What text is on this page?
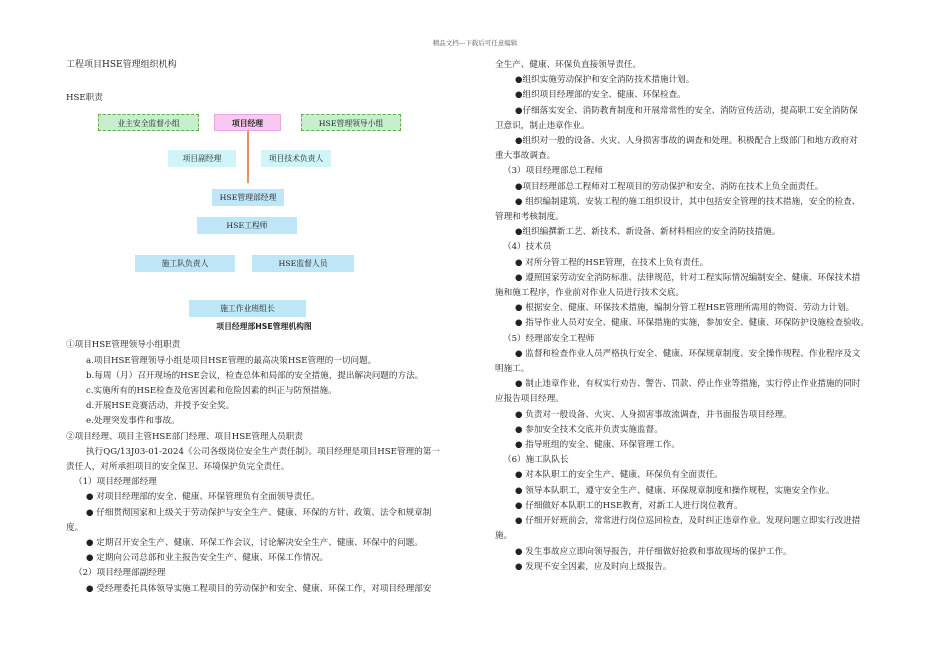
精品文档---下载后可任意编辑
工程项目HSE管理组织机构
HSE职责
业主安全监督小组	项目经理	HSE管理领导小组
项目副经理	项目技术负责人
HSE管理部经理
HSE工程师
施工队负责人	HSE监督人员
施工作业班组长
项目经理部HSE管理机构图
①项目HSE管理领导小组职责
a.项目HSE管理领导小组是项目HSE管理的最高决策HSE管理的一切问题。
b.每周（月）召开现场的HSE会议，检查总体和局部的安全措施，提出解决问题的方法。
c.实施所有的HSE检查及危害因素和危险因素的纠正与防预措施。
d.开展HSE竞赛活动，并授予安全奖。
e.处理突发事件和事故。
②项目经理、项目主管HSE部门经理、项目HSE管理人员职责
执行QG/13J03-01-2024《公司各级岗位安全生产责任制》。项目经理是项目HSE管理的第一
责任人，对所承担项目的安全保卫、环境保护负完全责任。
（1）项目经理部经理
● 对项目经理部的安全、健康、环保管理负有全面领导责任。
● 仔细贯彻国家和上级关于劳动保护与安全生产、健康、环保的方针、政策、法令和规章制
度。
● 定期召开安全生产、健康、环保工作会议，讨论解决安全生产、健康、环保中的问题。
● 定期向公司总部和业主报告安全生产、健康、环保工作情况。
（2）项目经理部副经理
● 受经理委托具体领导实施工程项目的劳动保护和安全、健康、环保工作，对项目经理部安
全生产、健康、环保负直接领导责任。
●组织实施劳动保护和安全消防技术措施计划。
●组织项目经理部的安全、健康、环保检查。
●仔细落实安全、消防教育制度和开展常常性的安全、消防宣传活动，提高职工安全消防保
卫意识，制止违章作业。
●组织对一般的设备、火灾、人身损害事故的调查和处理。积极配合上级部门和地方政府对
重大事故调查。
（3）项目经理部总工程师
●项目经理部总工程师对工程项目的劳动保护和安全、消防在技术上负全面责任。
● 组织编制建筑、安装工程的施工组织设计，其中包括安全管理的技术措施，安全的检查、
管理和考核制度。
●组织编撰新工艺、新技术、新设备、新材料相应的安全消防技措施。
（4）技术员
● 对所分管工程的HSE管理，在技术上负有责任。
● 遵照国家劳动安全消防标准、法律规范，针对工程实际情况编制安全、健康、环保技术措
施和施工程序，作业前对作业人员进行技术交底。
● 根据安全、健康、环保技术措施，编制分管工程HSE管理所需用的物资、劳动力计划。
● 指导作业人员对安全、健康、环保措施的实施，参加安全、健康、环保防护设施检查验收。
（5）经理部安全工程师
● 监督和检查作业人员严格执行安全、健康、环保规章制度、安全操作规程、作业程序及文
明施工。
● 制止违章作业，有权实行劝告、警告、罚款、停止作业等措施，实行停止作业措施的同时
应报告项目经理。
● 负责对一般设备、火灾、人身损害事故流调查，并书面报告项目经理。
● 参加安全技术交底并负责实施监督。
● 指导班组的安全、健康、环保管理工作。
（6）施工队队长
● 对本队职工的安全生产、健康、环保负有全面责任。
● 领导本队职工，遵守安全生产、健康、环保规章制度和操作规程，实施安全作业。
● 仔细做好本队职工的HSE教育，对新工人进行岗位教育。
● 仔细开好班前会，常常进行岗位巡回检查，及时纠正违章作业。发现问题立即实行改进措
施。
● 发生事故应立即向领导报告，并仔细做好抢救和事故现场的保护工作。
● 发现不安全因素，应及时向上级报告。
